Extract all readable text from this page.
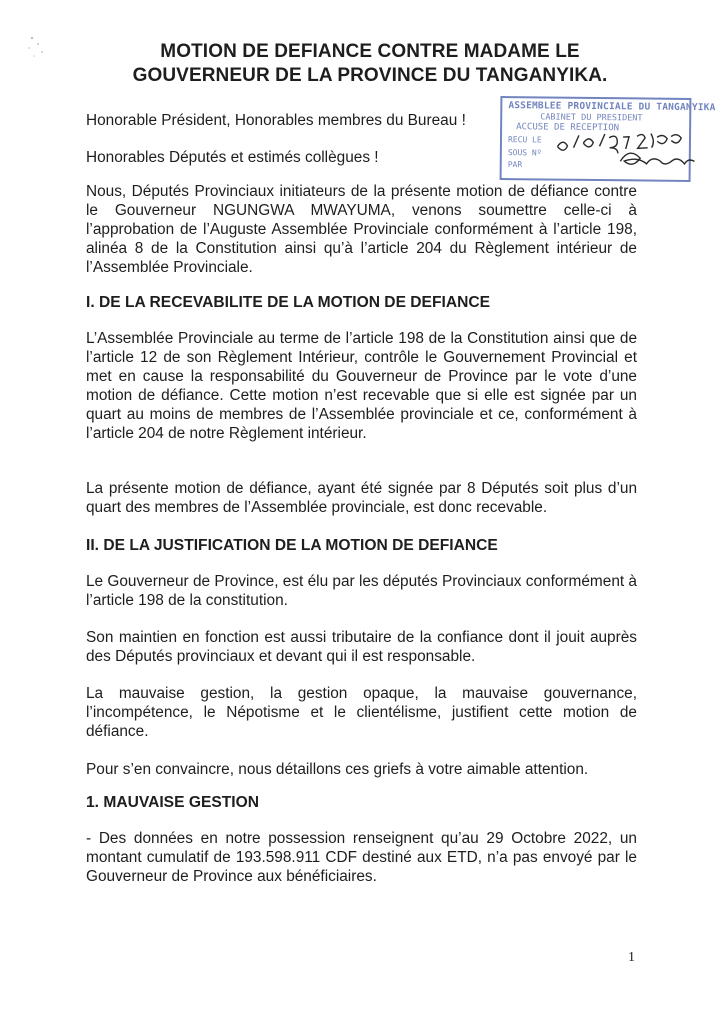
MOTION DE DEFIANCE CONTRE MADAME LE
GOUVERNEUR DE LA PROVINCE DU TANGANYIKA.
Honorable Président, Honorables membres du Bureau !
Honorables Députés et estimés collègues !
ASSEMBLEE PROVINCIALE DU TANGANYIKA
CABINET DU PRESIDENT
ACCUSE DE RECEPTION
RECU LE
SOUS Nº
PAR
Nous, Députés Provinciaux initiateurs de la présente motion de défiance contre le Gouverneur NGUNGWA MWAYUMA, venons soumettre celle-ci à l’approbation de l’Auguste Assemblée Provinciale conformément à l’article 198, alinéa 8 de la Constitution ainsi qu’à l’article 204 du Règlement intérieur de l’Assemblée Provinciale.
I. DE LA RECEVABILITE DE LA MOTION DE DEFIANCE
L’Assemblée Provinciale au terme de l’article 198 de la Constitution ainsi que de l’article 12 de son Règlement Intérieur, contrôle le Gouvernement Provincial et met en cause la responsabilité du Gouverneur de Province par le vote d’une motion de défiance. Cette motion n’est recevable que si elle est signée par un quart au moins de membres de l’Assemblée provinciale et ce, conformément à l’article 204 de notre Règlement intérieur.
La présente motion de défiance, ayant été signée par 8 Députés soit plus d’un quart des membres de l’Assemblée provinciale, est donc recevable.
II. DE LA JUSTIFICATION DE LA MOTION DE DEFIANCE
Le Gouverneur de Province, est élu par les députés Provinciaux conformément à l’article 198 de la constitution.
Son maintien en fonction est aussi tributaire de la confiance dont il jouit auprès des Députés provinciaux et devant qui il est responsable.
La mauvaise gestion, la gestion opaque, la mauvaise gouvernance, l’incompétence, le Népotisme et le clientélisme, justifient cette motion de défiance.
Pour s’en convaincre, nous détaillons ces griefs à votre aimable attention.
1. MAUVAISE GESTION
- Des données en notre possession renseignent qu’au 29 Octobre 2022, un montant cumulatif de 193.598.911 CDF destiné aux ETD, n’a pas envoyé par le Gouverneur de Province aux bénéficiaires.
1
